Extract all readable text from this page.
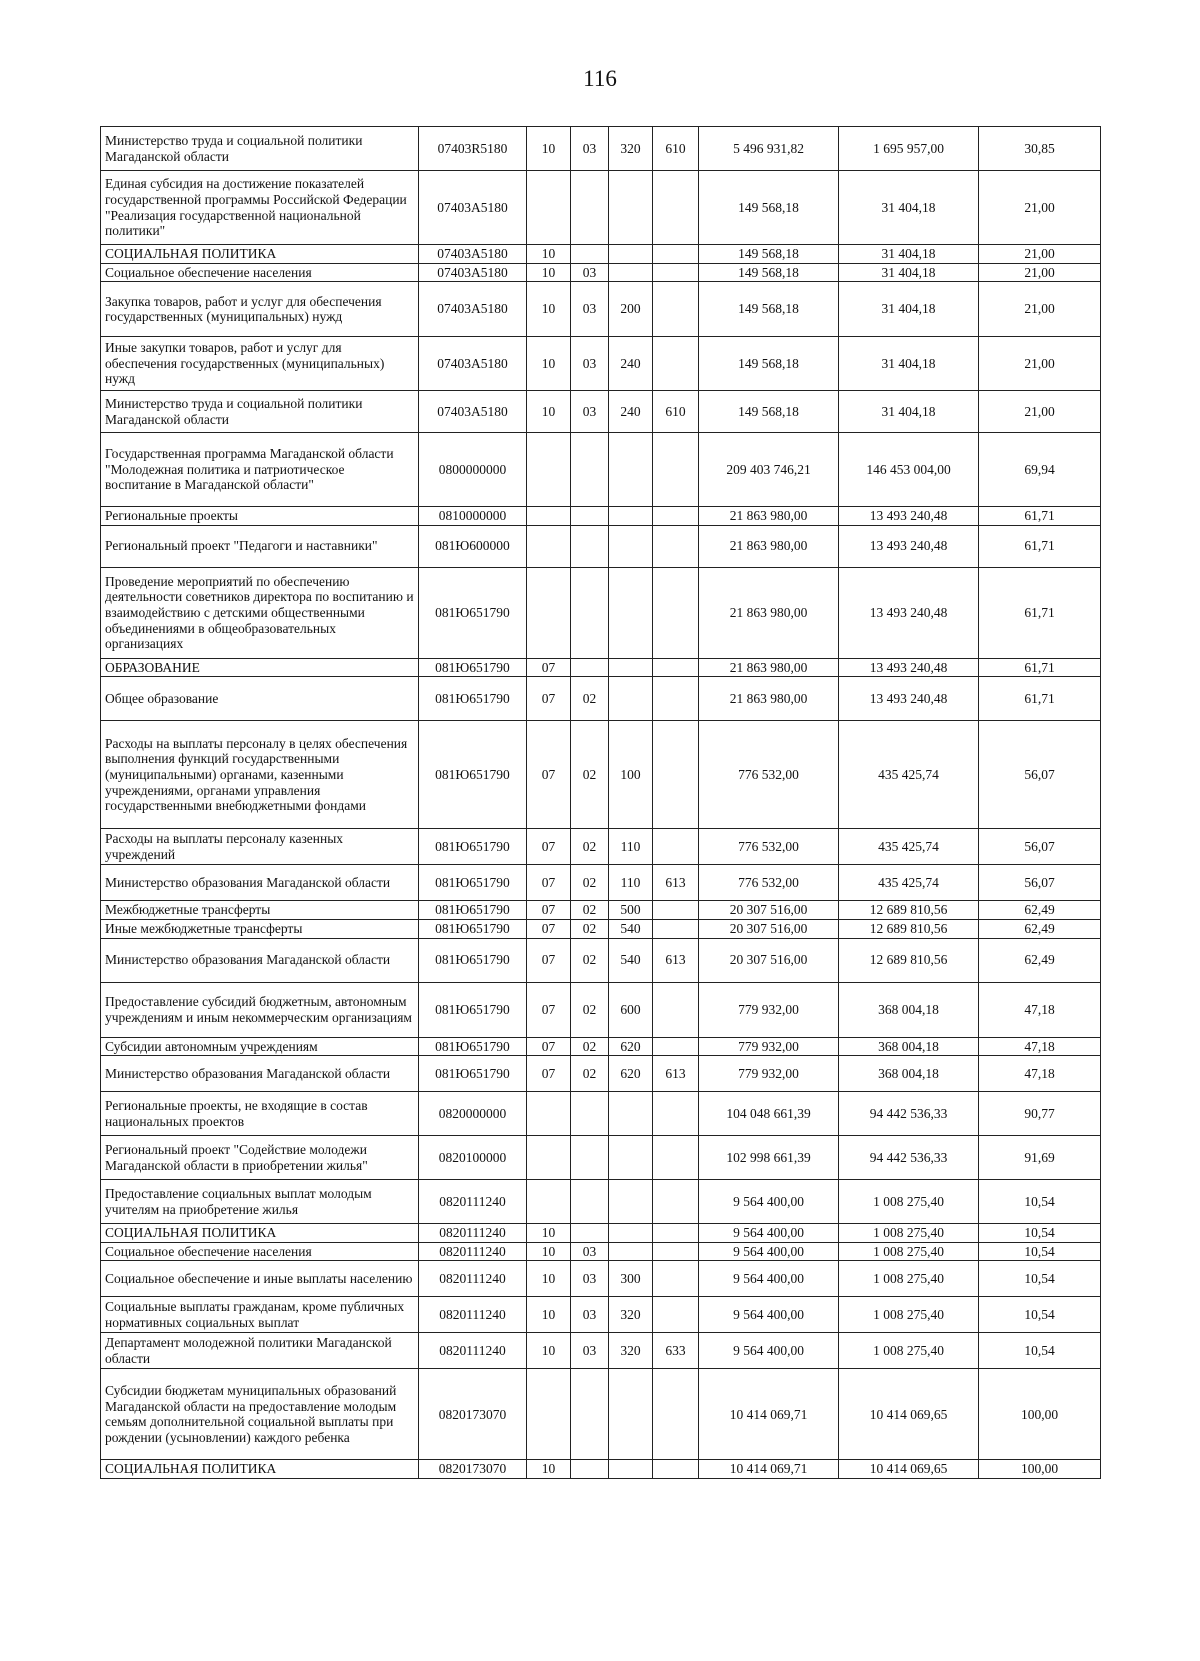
116
Министерство труда и социальной политики Магаданской области	07403R5180	10	03	320	610	5 496 931,82	1 695 957,00	30,85
Единая субсидия на достижение показателей государственной программы Российской Федерации "Реализация государственной национальной политики"	07403А5180					149 568,18	31 404,18	21,00
СОЦИАЛЬНАЯ ПОЛИТИКА	07403А5180	10				149 568,18	31 404,18	21,00
Социальное обеспечение населения	07403А5180	10	03			149 568,18	31 404,18	21,00
Закупка товаров, работ и услуг для обеспечения государственных (муниципальных) нужд	07403А5180	10	03	200		149 568,18	31 404,18	21,00
Иные закупки товаров, работ и услуг для обеспечения государственных (муниципальных) нужд	07403А5180	10	03	240		149 568,18	31 404,18	21,00
Министерство труда и социальной политики Магаданской области	07403А5180	10	03	240	610	149 568,18	31 404,18	21,00
Государственная программа Магаданской области "Молодежная политика и патриотическое воспитание в Магаданской области"	0800000000					209 403 746,21	146 453 004,00	69,94
Региональные проекты	0810000000					21 863 980,00	13 493 240,48	61,71
Региональный проект "Педагоги и наставники"	081Ю600000					21 863 980,00	13 493 240,48	61,71
Проведение мероприятий по обеспечению деятельности советников директора по воспитанию и взаимодействию с детскими общественными объединениями в общеобразовательных организациях	081Ю651790					21 863 980,00	13 493 240,48	61,71
ОБРАЗОВАНИЕ	081Ю651790	07				21 863 980,00	13 493 240,48	61,71
Общее образование	081Ю651790	07	02			21 863 980,00	13 493 240,48	61,71
Расходы на выплаты персоналу в целях обеспечения выполнения функций государственными (муниципальными) органами, казенными учреждениями, органами управления государственными внебюджетными фондами	081Ю651790	07	02	100		776 532,00	435 425,74	56,07
Расходы на выплаты персоналу казенных учреждений	081Ю651790	07	02	110		776 532,00	435 425,74	56,07
Министерство образования Магаданской области	081Ю651790	07	02	110	613	776 532,00	435 425,74	56,07
Межбюджетные трансферты	081Ю651790	07	02	500		20 307 516,00	12 689 810,56	62,49
Иные межбюджетные трансферты	081Ю651790	07	02	540		20 307 516,00	12 689 810,56	62,49
Министерство образования Магаданской области	081Ю651790	07	02	540	613	20 307 516,00	12 689 810,56	62,49
Предоставление субсидий бюджетным, автономным учреждениям и иным некоммерческим организациям	081Ю651790	07	02	600		779 932,00	368 004,18	47,18
Субсидии автономным учреждениям	081Ю651790	07	02	620		779 932,00	368 004,18	47,18
Министерство образования Магаданской области	081Ю651790	07	02	620	613	779 932,00	368 004,18	47,18
Региональные проекты, не входящие в состав национальных проектов	0820000000					104 048 661,39	94 442 536,33	90,77
Региональный проект "Содействие молодежи Магаданской области в приобретении жилья"	0820100000					102 998 661,39	94 442 536,33	91,69
Предоставление социальных выплат молодым учителям на приобретение жилья	0820111240					9 564 400,00	1 008 275,40	10,54
СОЦИАЛЬНАЯ ПОЛИТИКА	0820111240	10				9 564 400,00	1 008 275,40	10,54
Социальное обеспечение населения	0820111240	10	03			9 564 400,00	1 008 275,40	10,54
Социальное обеспечение и иные выплаты населению	0820111240	10	03	300		9 564 400,00	1 008 275,40	10,54
Социальные выплаты гражданам, кроме публичных нормативных социальных выплат	0820111240	10	03	320		9 564 400,00	1 008 275,40	10,54
Департамент молодежной политики Магаданской области	0820111240	10	03	320	633	9 564 400,00	1 008 275,40	10,54
Субсидии бюджетам муниципальных образований Магаданской области на предоставление молодым семьям дополнительной социальной выплаты при рождении (усыновлении) каждого ребенка	0820173070					10 414 069,71	10 414 069,65	100,00
СОЦИАЛЬНАЯ ПОЛИТИКА	0820173070	10				10 414 069,71	10 414 069,65	100,00
